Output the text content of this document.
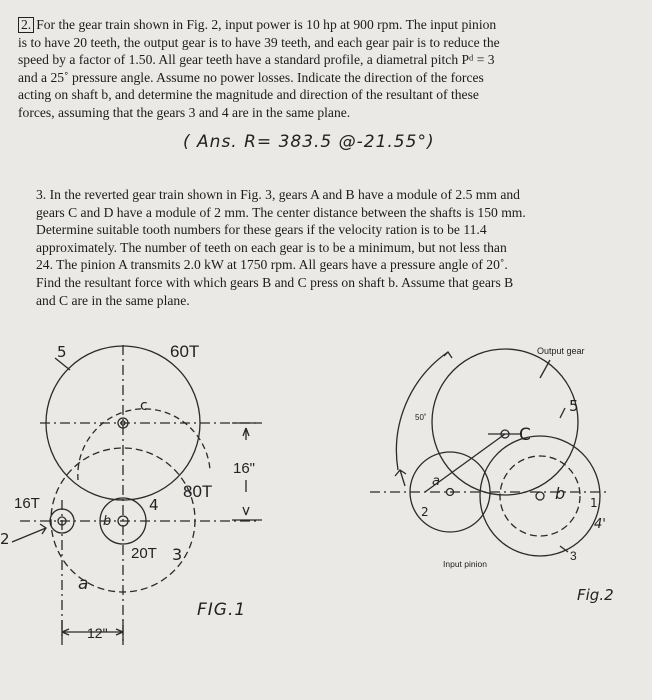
2. For the gear train shown in Fig. 2, input power is 10 hp at 900 rpm. The input pinion
is to have 20 teeth, the output gear is to have 39 teeth, and each gear pair is to reduce the
speed by a factor of 1.50. All gear teeth have a standard profile, a diametral pitch Pᵈ = 3
and a 25˚ pressure angle. Assume no power losses. Indicate the direction of the forces
acting on shaft b, and determine the magnitude and direction of the resultant of these
forces, assuming that the gears 3 and 4 are in the same plane.
( Ans. R= 383.5 @-21.55°)
3. In the reverted gear train shown in Fig. 3, gears A and B have a module of 2.5 mm and
gears C and D have a module of 2 mm. The center distance between the shafts is 150 mm.
Determine suitable tooth numbers for these gears if the velocity ration is to be 11.4
approximately. The number of teeth on each gear is to be a minimum, but not less than
24. The pinion A transmits 2.0 kW at 1750 rpm. All gears have a pressure angle of 20˚.
Find the resultant force with which gears B and C press on shaft b. Assume that gears B
and C are in the same plane.
5	60T
c
16"
80T
16T	4
b
2
20T 3
a
12"
FIG.1
Output gear
5
50˚
C
a
b
2
1
4'
Input pinion
3
Fig.2
